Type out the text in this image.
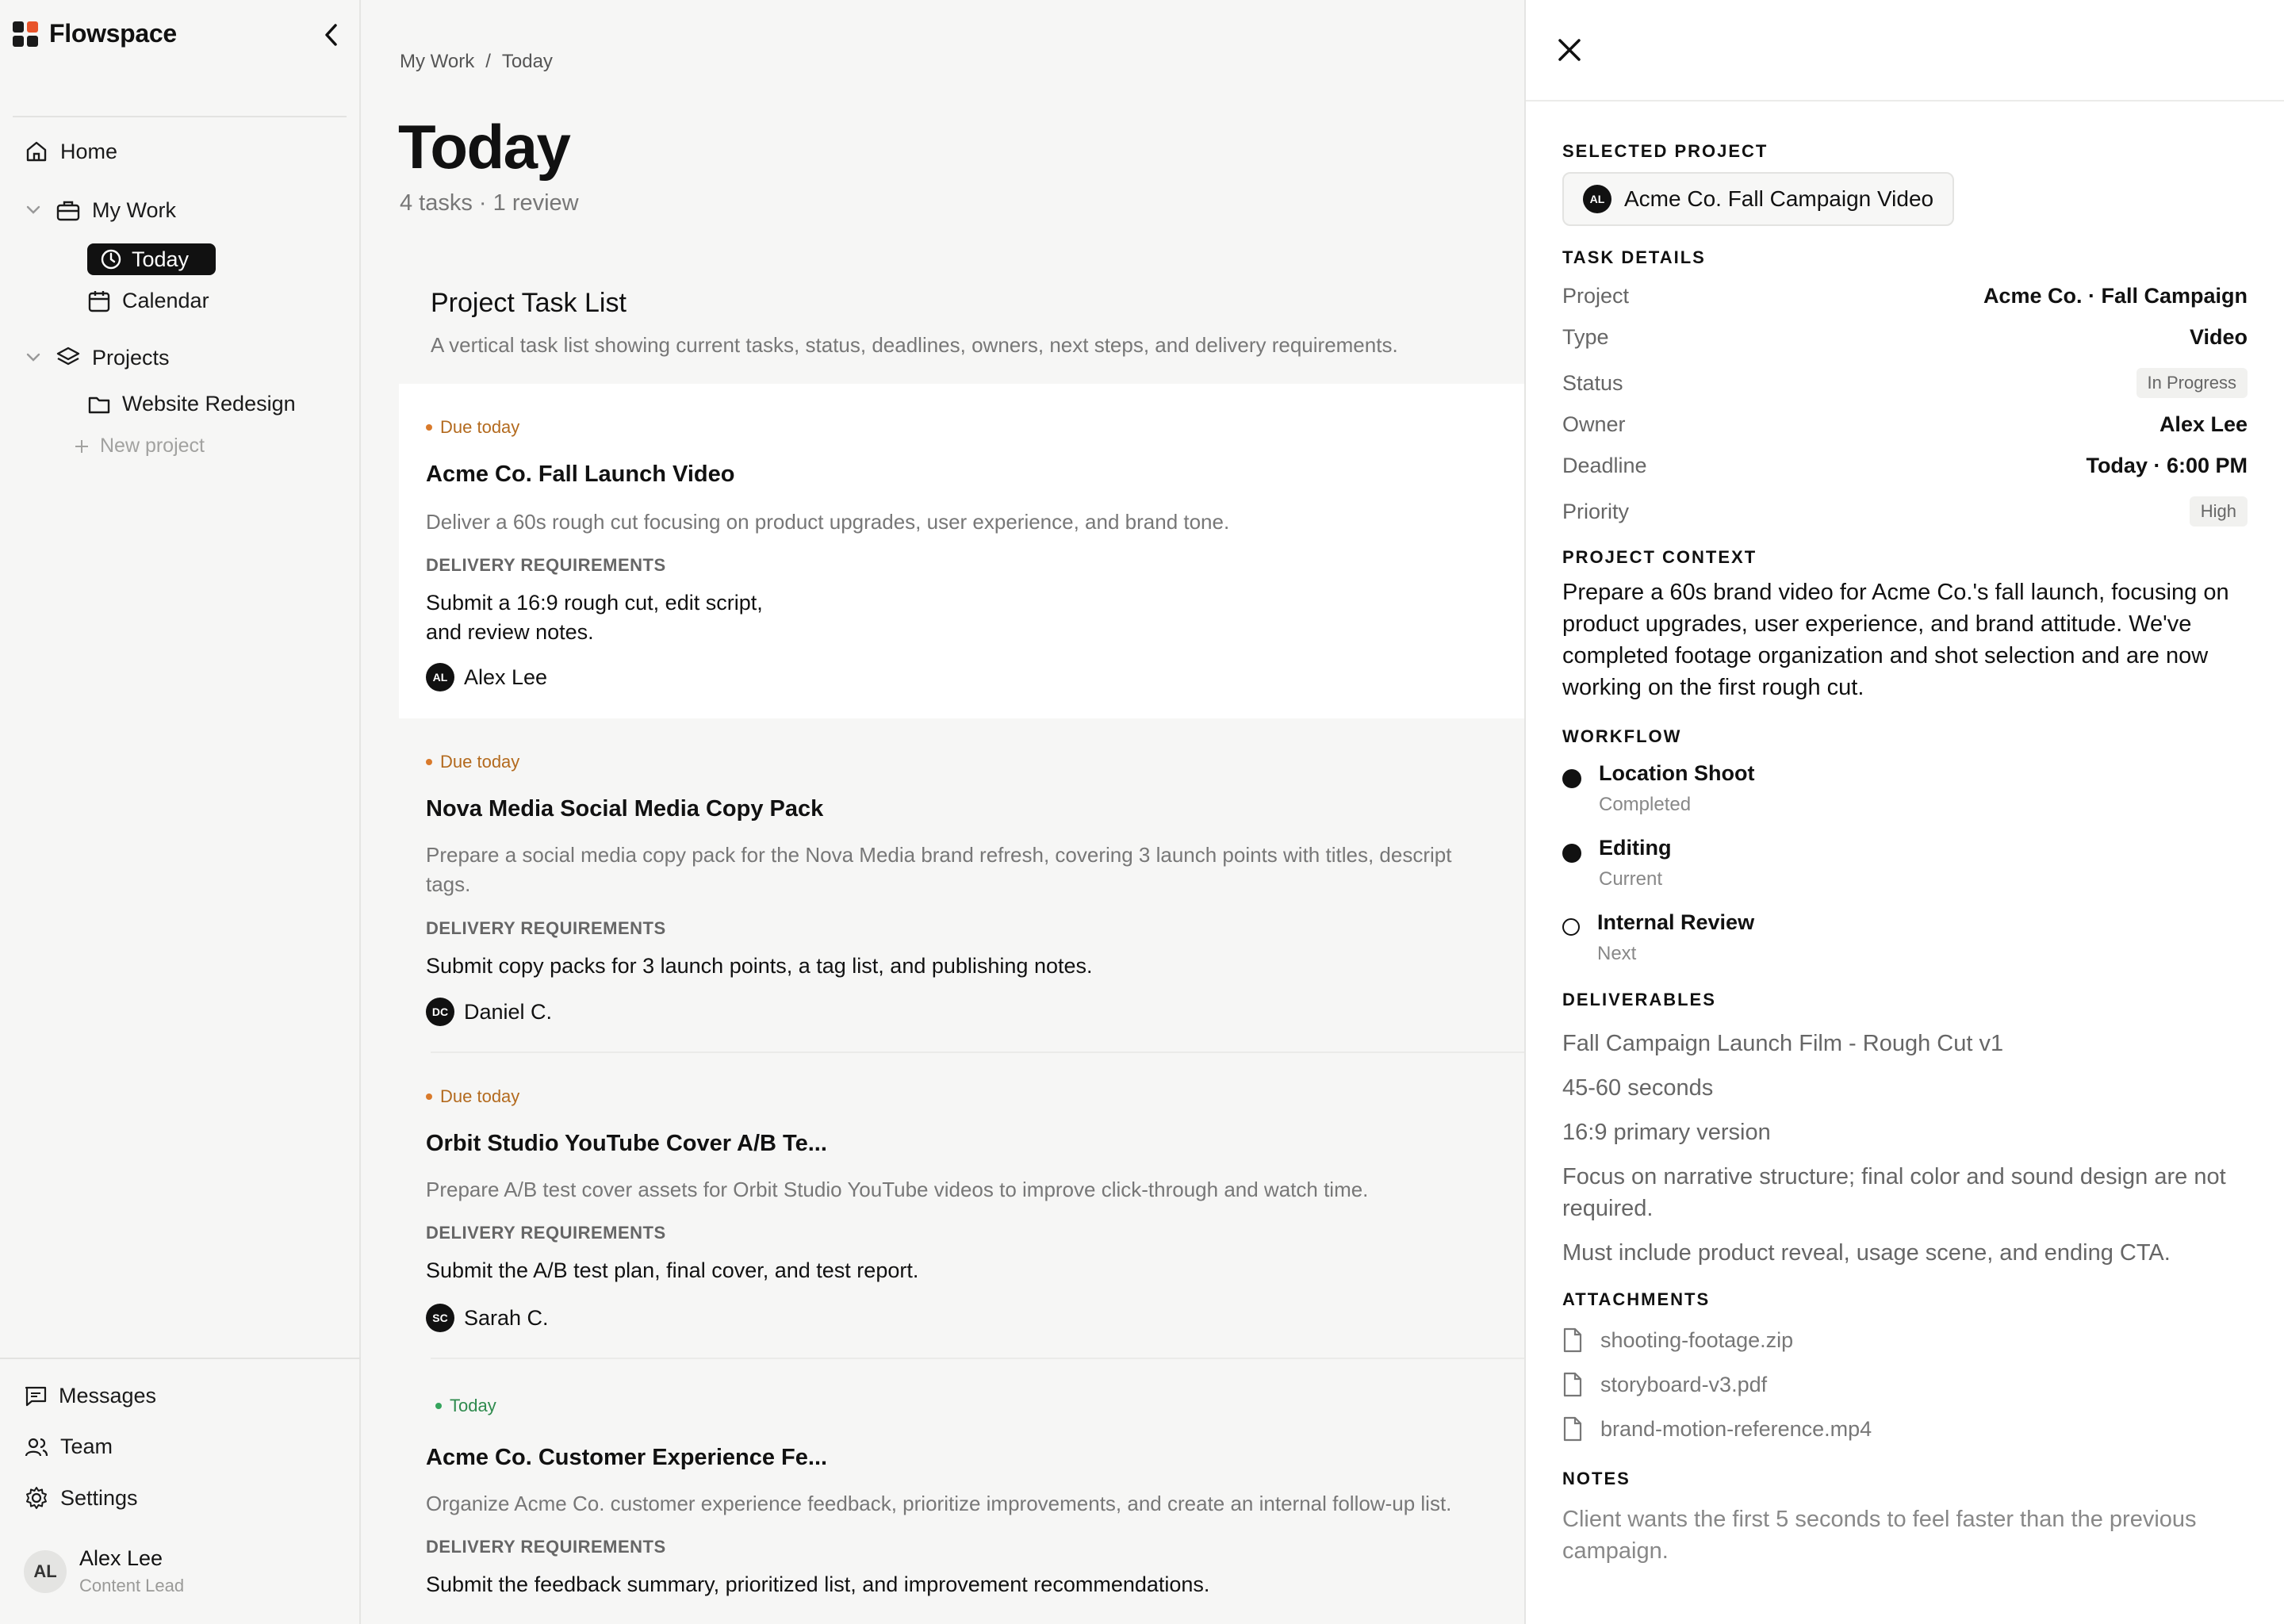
Flowspace
Home
My Work
Today
Calendar
Projects
Website Redesign
New project
Messages
Team
Settings
AL
Alex Lee
Content Lead
My Work / Today
Today
4 tasks · 1 review
Project Task List
A vertical task list showing current tasks, status, deadlines, owners, next steps, and delivery requirements.
Due today
Acme Co. Fall Launch Video
Deliver a 60s rough cut focusing on product upgrades, user experience, and brand tone.
DELIVERY REQUIREMENTS
Submit a 16:9 rough cut, edit script,
and review notes.
AL Alex Lee
Due today
Nova Media Social Media Copy Pack
Prepare a social media copy pack for the Nova Media brand refresh, covering 3 launch points with titles, descript
tags.
DELIVERY REQUIREMENTS
Submit copy packs for 3 launch points, a tag list, and publishing notes.
DC Daniel C.
Due today
Orbit Studio YouTube Cover A/B Te...
Prepare A/B test cover assets for Orbit Studio YouTube videos to improve click-through and watch time.
DELIVERY REQUIREMENTS
Submit the A/B test plan, final cover, and test report.
SC Sarah C.
Today
Acme Co. Customer Experience Fe...
Organize Acme Co. customer experience feedback, prioritize improvements, and create an internal follow-up list.
DELIVERY REQUIREMENTS
Submit the feedback summary, prioritized list, and improvement recommendations.
SELECTED PROJECT
AL Acme Co. Fall Campaign Video
TASK DETAILS
Project	Acme Co. · Fall Campaign
Type	Video
Status	In Progress
Owner	Alex Lee
Deadline	Today · 6:00 PM
Priority	High
PROJECT CONTEXT
Prepare a 60s brand video for Acme Co.'s fall launch, focusing on product upgrades, user experience, and brand attitude. We've completed footage organization and shot selection and are now working on the first rough cut.
WORKFLOW
Location Shoot
Completed
Editing
Current
Internal Review
Next
DELIVERABLES
Fall Campaign Launch Film - Rough Cut v1
45-60 seconds
16:9 primary version
Focus on narrative structure; final color and sound design are not required.
Must include product reveal, usage scene, and ending CTA.
ATTACHMENTS
shooting-footage.zip
storyboard-v3.pdf
brand-motion-reference.mp4
NOTES
Client wants the first 5 seconds to feel faster than the previous campaign.
